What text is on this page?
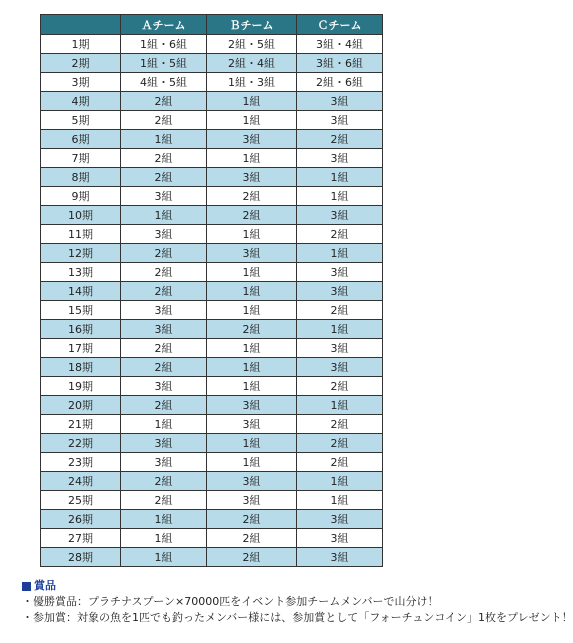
	Ａチーム	Ｂチーム	Ｃチーム
1期	1組・6組	2組・5組	3組・4組
2期	1組・5組	2組・4組	3組・6組
3期	4組・5組	1組・3組	2組・6組
4期	2組	1組	3組
5期	2組	1組	3組
6期	1組	3組	2組
7期	2組	1組	3組
8期	2組	3組	1組
9期	3組	2組	1組
10期	1組	2組	3組
11期	3組	1組	2組
12期	2組	3組	1組
13期	2組	1組	3組
14期	2組	1組	3組
15期	3組	1組	2組
16期	3組	2組	1組
17期	2組	1組	3組
18期	2組	1組	3組
19期	3組	1組	2組
20期	2組	3組	1組
21期	1組	3組	2組
22期	3組	1組	2組
23期	3組	1組	2組
24期	2組	3組	1組
25期	2組	3組	1組
26期	1組	2組	3組
27期	1組	2組	3組
28期	1組	2組	3組
賞品
・優勝賞品：プラチナスプーン×70000匹をイベント参加チームメンバーで山分け！
・参加賞：対象の魚を1匹でも釣ったメンバー様には、参加賞として「フォーチュンコイン」1枚をプレゼント！
